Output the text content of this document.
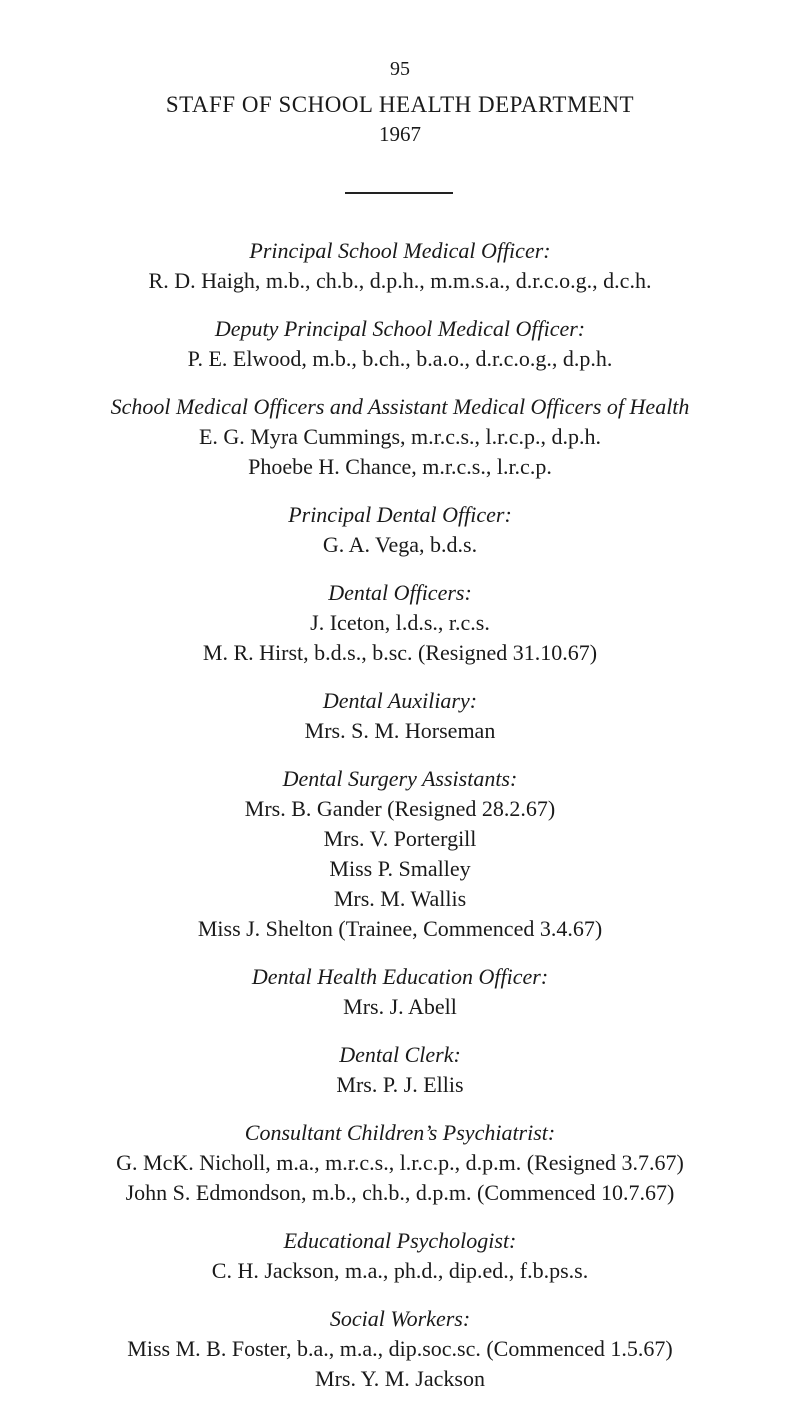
95
STAFF OF SCHOOL HEALTH DEPARTMENT
1967
Principal School Medical Officer:
R. D. Haigh, m.b., ch.b., d.p.h., m.m.s.a., d.r.c.o.g., d.c.h.
Deputy Principal School Medical Officer:
P. E. Elwood, m.b., b.ch., b.a.o., d.r.c.o.g., d.p.h.
School Medical Officers and Assistant Medical Officers of Health
E. G. Myra Cummings, m.r.c.s., l.r.c.p., d.p.h.
Phoebe H. Chance, m.r.c.s., l.r.c.p.
Principal Dental Officer:
G. A. Vega, b.d.s.
Dental Officers:
J. Iceton, l.d.s., r.c.s.
M. R. Hirst, b.d.s., b.sc. (Resigned 31.10.67)
Dental Auxiliary:
Mrs. S. M. Horseman
Dental Surgery Assistants:
Mrs. B. Gander (Resigned 28.2.67)
Mrs. V. Portergill
Miss P. Smalley
Mrs. M. Wallis
Miss J. Shelton (Trainee, Commenced 3.4.67)
Dental Health Education Officer:
Mrs. J. Abell
Dental Clerk:
Mrs. P. J. Ellis
Consultant Children’s Psychiatrist:
G. McK. Nicholl, m.a., m.r.c.s., l.r.c.p., d.p.m. (Resigned 3.7.67)
John S. Edmondson, m.b., ch.b., d.p.m. (Commenced 10.7.67)
Educational Psychologist:
C. H. Jackson, m.a., ph.d., dip.ed., f.b.ps.s.
Social Workers:
Miss M. B. Foster, b.a., m.a., dip.soc.sc. (Commenced 1.5.67)
Mrs. Y. M. Jackson
